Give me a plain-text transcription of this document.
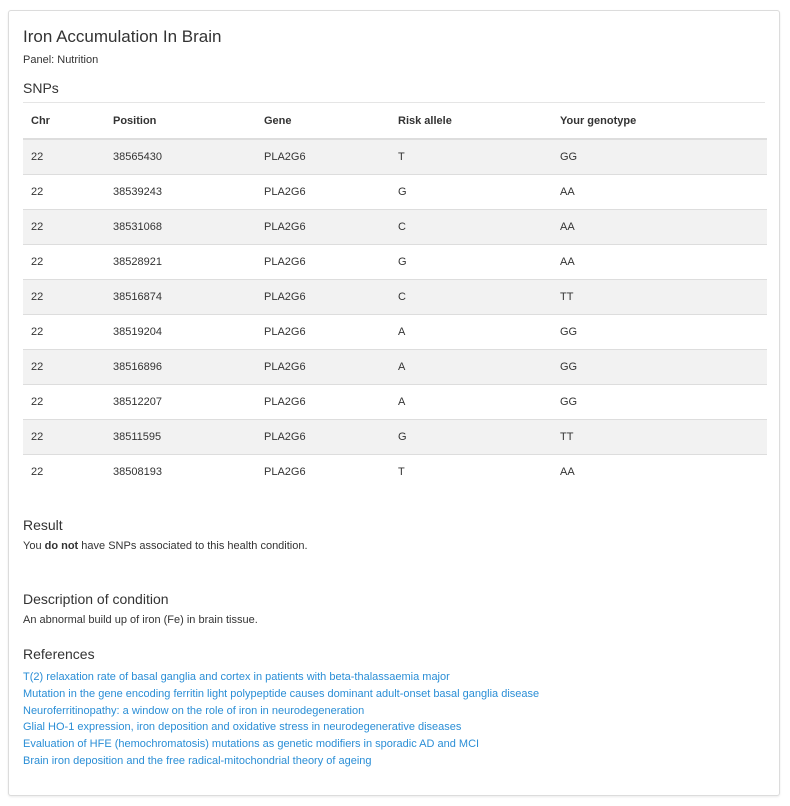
Iron Accumulation In Brain
Panel: Nutrition
SNPs
Chr	Position	Gene	Risk allele	Your genotype
22	38565430	PLA2G6	T	GG
22	38539243	PLA2G6	G	AA
22	38531068	PLA2G6	C	AA
22	38528921	PLA2G6	G	AA
22	38516874	PLA2G6	C	TT
22	38519204	PLA2G6	A	GG
22	38516896	PLA2G6	A	GG
22	38512207	PLA2G6	A	GG
22	38511595	PLA2G6	G	TT
22	38508193	PLA2G6	T	AA
Result
You do not have SNPs associated to this health condition.
Description of condition
An abnormal build up of iron (Fe) in brain tissue.
References
T(2) relaxation rate of basal ganglia and cortex in patients with beta-thalassaemia major
Mutation in the gene encoding ferritin light polypeptide causes dominant adult-onset basal ganglia disease
Neuroferritinopathy: a window on the role of iron in neurodegeneration
Glial HO-1 expression, iron deposition and oxidative stress in neurodegenerative diseases
Evaluation of HFE (hemochromatosis) mutations as genetic modifiers in sporadic AD and MCI
Brain iron deposition and the free radical-mitochondrial theory of ageing
